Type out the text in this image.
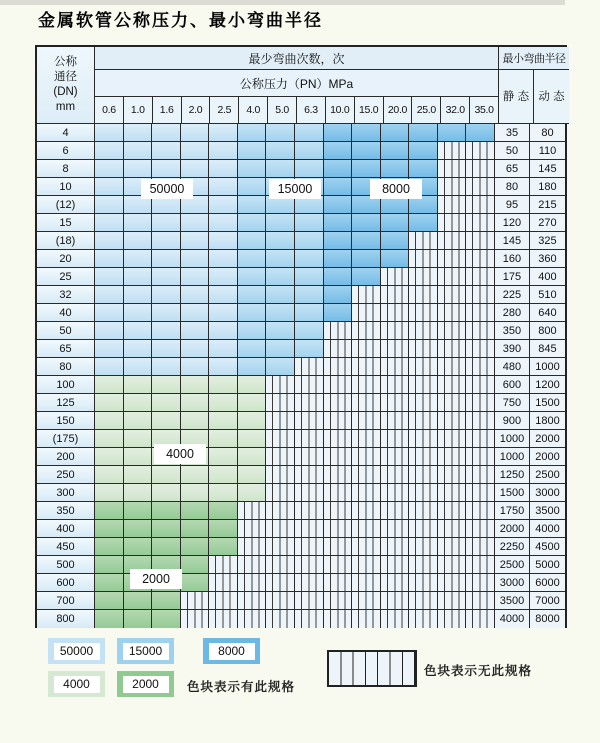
金属软管公称压力、最小弯曲半径
公称
通径
(DN)
mm
最少弯曲次数，次	最小弯曲半径
公称压力（PN）MPa
静 态 动 态
0.6	1.0	1.6	2.0	2.5	4.0	5.0	6.3	10.0 15.0 20.0 25.0 32.0 35.0
4	35	80
6	50	110
8	65	145
10	80	180
(12)	95	215
15	120	270
(18)	145	325
20	160	360
25	175	400
32	225	510
40	280	640
50	350	800
65	390	845
80	480	1000
100	600	1200
125	750	1500
150	900	1800
(175)	1000	2000
200	1000	2000
250	1250	2500
300	1500	3000
350	1750	3500
400	2000	4000
450	2250	4500
500	2500	5000
600	3000	6000
700	3500	7000
800	4000	8000
50000	15000	8000
4000
2000
色块表示有此规格
色块表示无此规格
50000	15000	8000
4000	2000
